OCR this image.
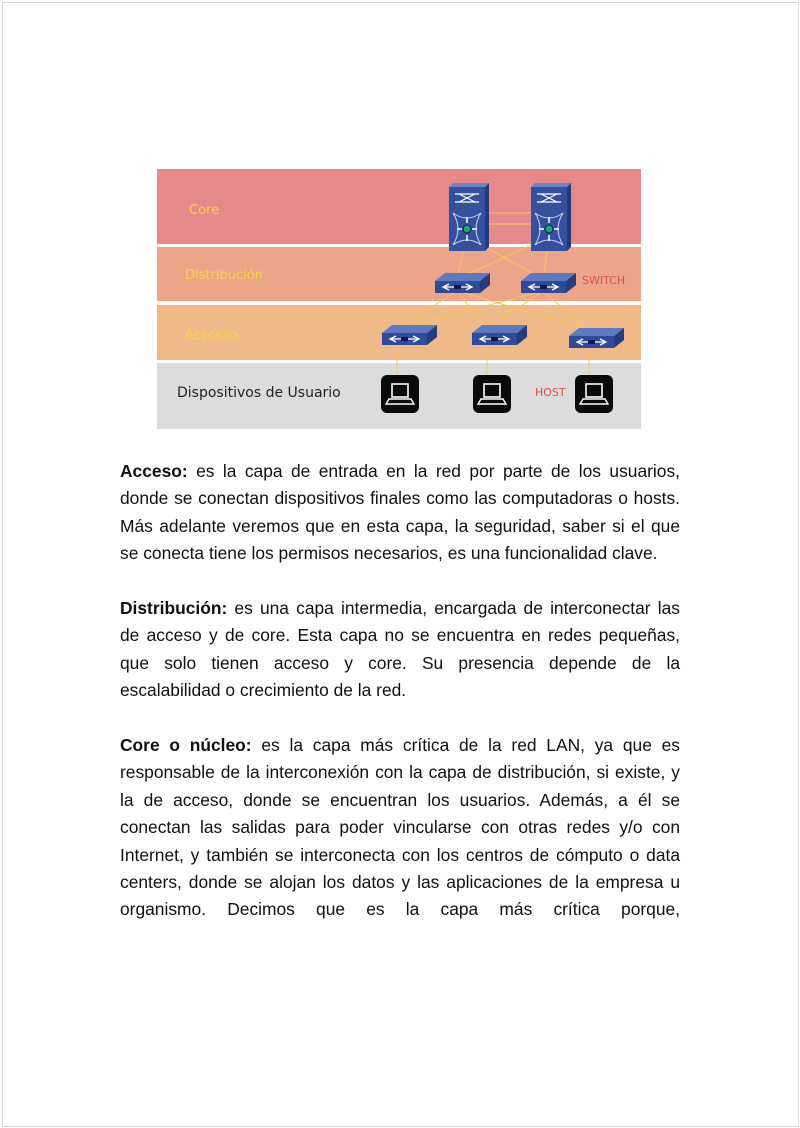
Core
Distribución
Accceso
Dispositivos de Usuario
SWITCH
HOST

Acceso: es la capa de entrada en la red por parte de los usuarios, donde se conectan dispositivos finales como las computadoras o hosts. Más adelante veremos que en esta capa, la seguridad, saber si el que se conecta tiene los permisos necesarios, es una funcionalidad clave.

Distribución: es una capa intermedia, encargada de interconectar las de acceso y de core. Esta capa no se encuentra en redes pequeñas, que solo tienen acceso y core. Su presencia depende de la escalabilidad o crecimiento de la red.

Core o núcleo: es la capa más crítica de la red LAN, ya que es responsable de la interconexión con la capa de distribución, si existe, y la de acceso, donde se encuentran los usuarios. Además, a él se conectan las salidas para poder vincularse con otras redes y/o con Internet, y también se interconecta con los centros de cómputo o data centers, donde se alojan los datos y las aplicaciones de la empresa u organismo. Decimos que es la capa más crítica porque,
